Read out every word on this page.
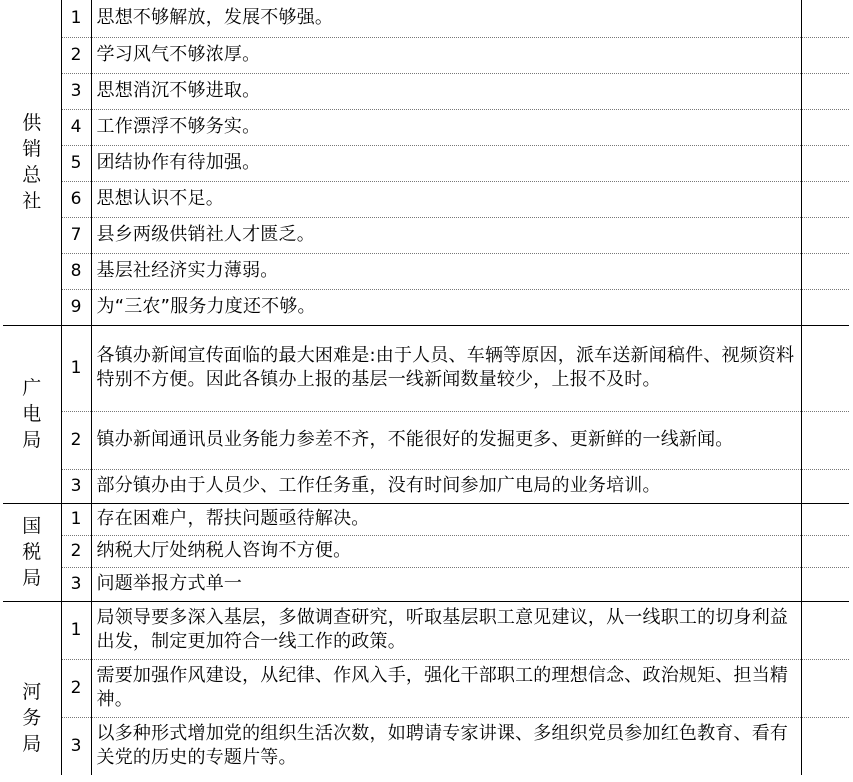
供销总社	1	思想不够解放，发展不够强。	
	2	学习风气不够浓厚。	
	3	思想消沉不够进取。	
	4	工作漂浮不够务实。	
	5	团结协作有待加强。	
	6	思想认识不足。	
	7	县乡两级供销社人才匮乏。	
	8	基层社经济实力薄弱。	
	9	为“三农”服务力度还不够。	
广电局	1	各镇办新闻宣传面临的最大困难是:由于人员、车辆等原因，派车送新闻稿件、视频资料特别不方便。因此各镇办上报的基层一线新闻数量较少，上报不及时。	
	2	镇办新闻通讯员业务能力参差不齐，不能很好的发掘更多、更新鲜的一线新闻。	
	3	部分镇办由于人员少、工作任务重，没有时间参加广电局的业务培训。	
国税局	1	存在困难户，帮扶问题亟待解决。	
	2	纳税大厅处纳税人咨询不方便。	
	3	问题举报方式单一	
河务局	1	局领导要多深入基层，多做调查研究，听取基层职工意见建议，从一线职工的切身利益出发，制定更加符合一线工作的政策。	
	2	需要加强作风建设，从纪律、作风入手，强化干部职工的理想信念、政治规矩、担当精神。	
	3	以多种形式增加党的组织生活次数，如聘请专家讲课、多组织党员参加红色教育、看有关党的历史的专题片等。	
